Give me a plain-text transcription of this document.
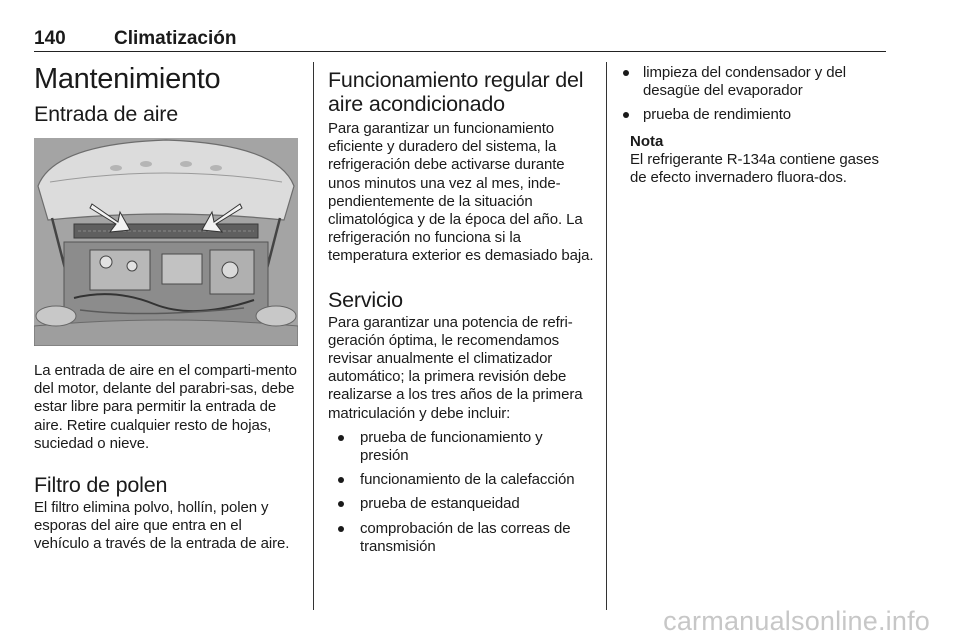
140	Climatización
Mantenimiento
Entrada de aire

La entrada de aire en el comparti-mento del motor, delante del parabri-sas, debe estar libre para permitir la entrada de aire. Retire cualquier resto de hojas, suciedad o nieve.

Filtro de polen

El filtro elimina polvo, hollín, polen y esporas del aire que entra en el vehículo a través de la entrada de aire.

Funcionamiento regular del aire acondicionado

Para garantizar un funcionamiento eficiente y duradero del sistema, la refrigeración debe activarse durante unos minutos una vez al mes, inde-pendientemente de la situación climatológica y de la época del año. La refrigeración no funciona si la temperatura exterior es demasiado baja.

Servicio

Para garantizar una potencia de refri-geración óptima, le recomendamos revisar anualmente el climatizador automático; la primera revisión debe realizarse a los tres años de la primera matriculación y debe incluir:

prueba de funcionamiento y presión
funcionamiento de la calefacción
prueba de estanqueidad
comprobación de las correas de transmisión
limpieza del condensador y del desagüe del evaporador
prueba de rendimiento
Nota

El refrigerante R-134a contiene gases de efecto invernadero fluora-dos.

carmanualsonline.info
